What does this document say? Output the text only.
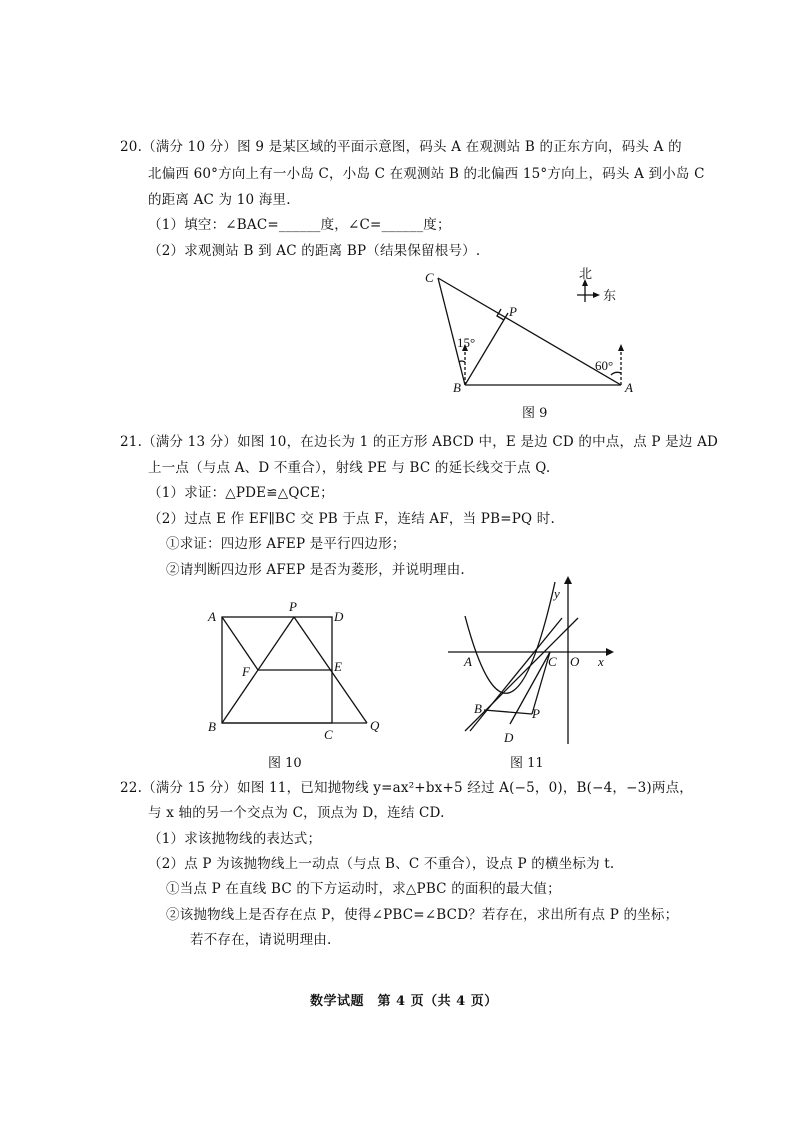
20.（满分 10 分）图 9 是某区域的平面示意图，码头 A 在观测站 B 的正东方向，码头 A 的
北偏西 60°方向上有一小岛 C，小岛 C 在观测站 B 的北偏西 15°方向上，码头 A 到小岛 C
的距离 AC 为 10 海里.
（1）填空：∠BAC=______度，∠C=______度；
（2）求观测站 B 到 AC 的距离 BP（结果保留根号）.
C
P
B	A
15°
60°
北
东
图 9
21.（满分 13 分）如图 10，在边长为 1 的正方形 ABCD 中，E 是边 CD 的中点，点 P 是边 AD
上一点（与点 A、D 不重合），射线 PE 与 BC 的延长线交于点 Q.
（1）求证：△PDE≌△QCE；
（2）过点 E 作 EF∥BC 交 PB 于点 F，连结 AF，当 PB=PQ 时.
①求证：四边形 AFEP 是平行四边形；
②请判断四边形 AFEP 是否为菱形，并说明理由.
A
P
D
F	E
B
C
Q
图 10
y
x
A	C O
B	P
D
图 11
22.（满分 15 分）如图 11，已知抛物线 y=ax²+bx+5 经过 A(−5，0)，B(−4，−3)两点，
与 x 轴的另一个交点为 C，顶点为 D，连结 CD.
（1）求该抛物线的表达式；
（2）点 P 为该抛物线上一动点（与点 B、C 不重合），设点 P 的横坐标为 t.
①当点 P 在直线 BC 的下方运动时，求△PBC 的面积的最大值；
②该抛物线上是否存在点 P，使得∠PBC=∠BCD？若存在，求出所有点 P 的坐标；
若不存在，请说明理由.
数学试题　第 4 页（共 4 页）
